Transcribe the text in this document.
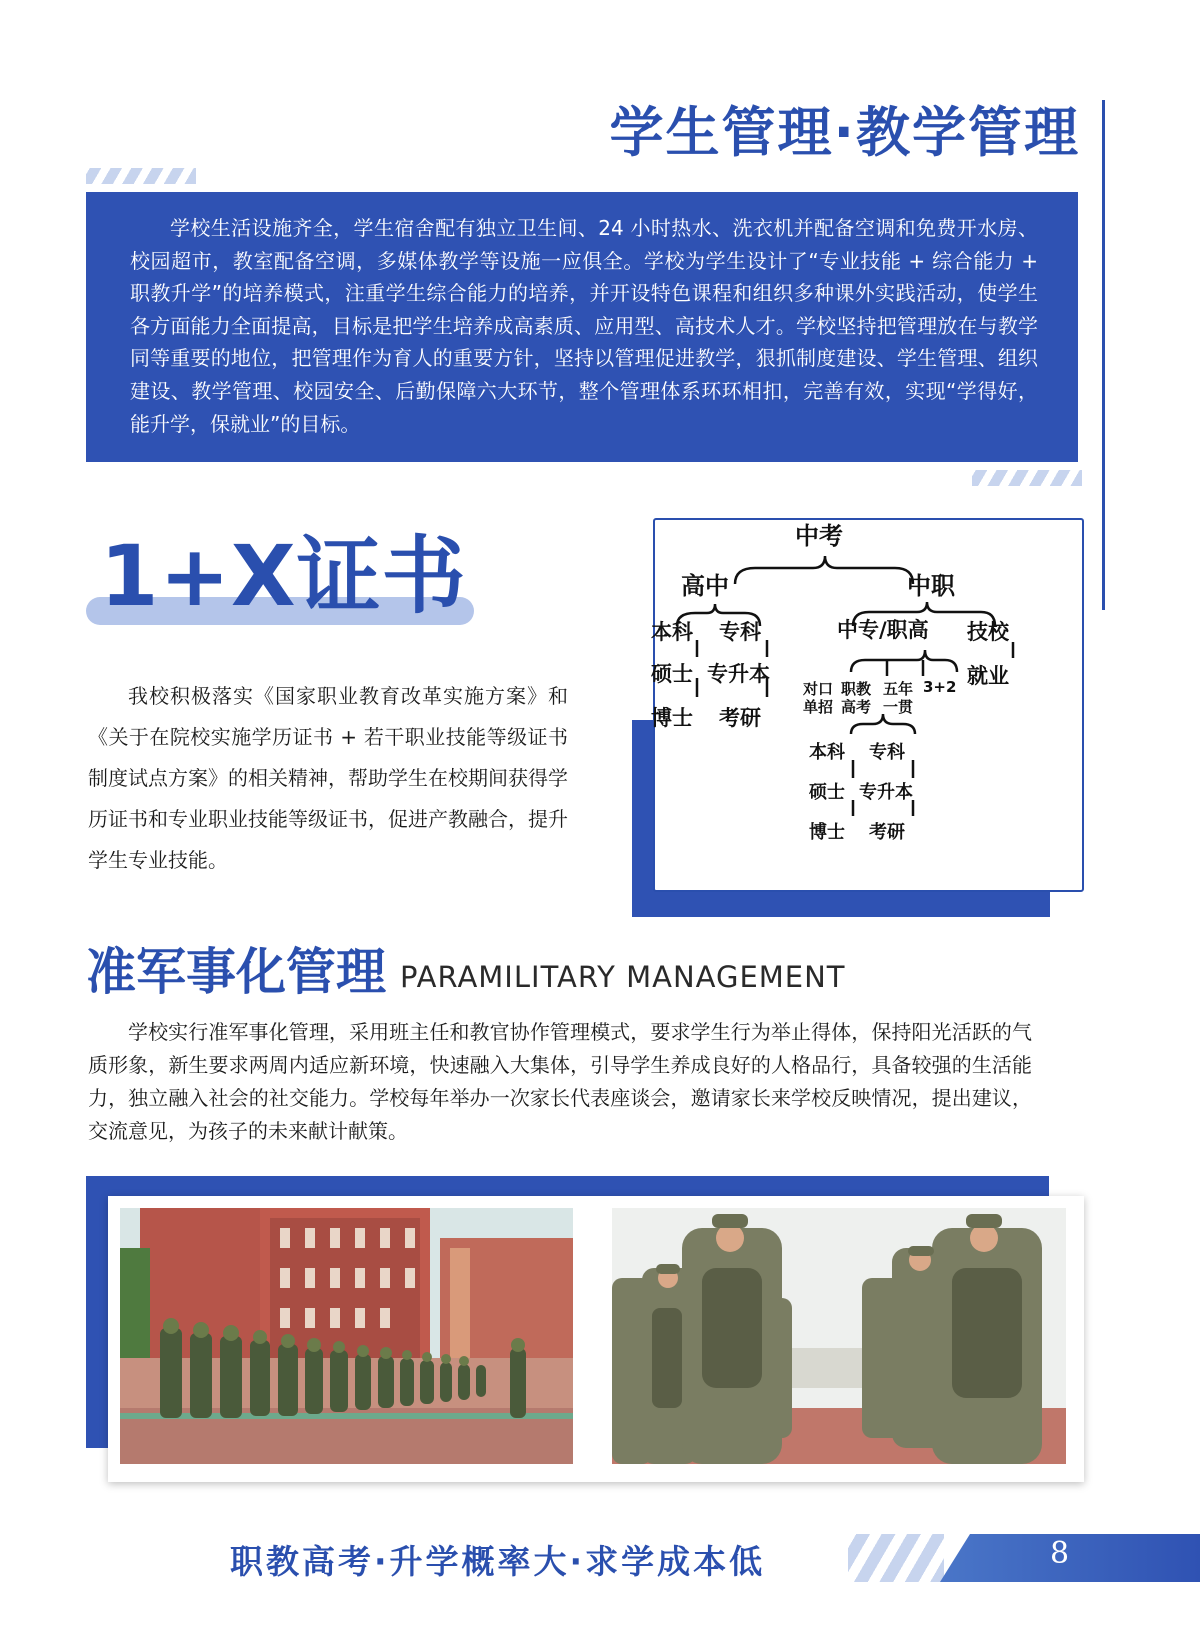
学生管理·教学管理

学校生活设施齐全，学生宿舍配有独立卫生间、24 小时热水、洗衣机并配备空调和免费开水房、校园超市，教室配备空调，多媒体教学等设施一应俱全。学校为学生设计了“专业技能 + 综合能力 + 职教升学”的培养模式，注重学生综合能力的培养，并开设特色课程和组织多种课外实践活动，使学生各方面能力全面提高，目标是把学生培养成高素质、应用型、高技术人才。学校坚持把管理放在与教学同等重要的地位，把管理作为育人的重要方针，坚持以管理促进教学，狠抓制度建设、学生管理、组织建设、教学管理、校园安全、后勤保障六大环节，整个管理体系环环相扣，完善有效，实现“学得好，能升学，保就业”的目标。

1+X证书

我校积极落实《国家职业教育改革实施方案》和《关于在院校实施学历证书 + 若干职业技能等级证书制度试点方案》的相关精神，帮助学生在校期间获得学历证书和专业职业技能等级证书，促进产教融合，提升学生专业技能。

中考
高中	中职
本科 专科
硕士 专升本
博士 考研
中专/职高 技校
就业
对口
单招
职教
高考
五年
一贯
3+2
本科 专科
硕士 专升本
博士 考研
准军事化管理 PARAMILITARY MANAGEMENT

学校实行准军事化管理，采用班主任和教官协作管理模式，要求学生行为举止得体，保持阳光活跃的气质形象，新生要求两周内适应新环境，快速融入大集体，引导学生养成良好的人格品行，具备较强的生活能力，独立融入社会的社交能力。学校每年举办一次家长代表座谈会，邀请家长来学校反映情况，提出建议，交流意见，为孩子的未来献计献策。

职教高考·升学概率大·求学成本低	8
